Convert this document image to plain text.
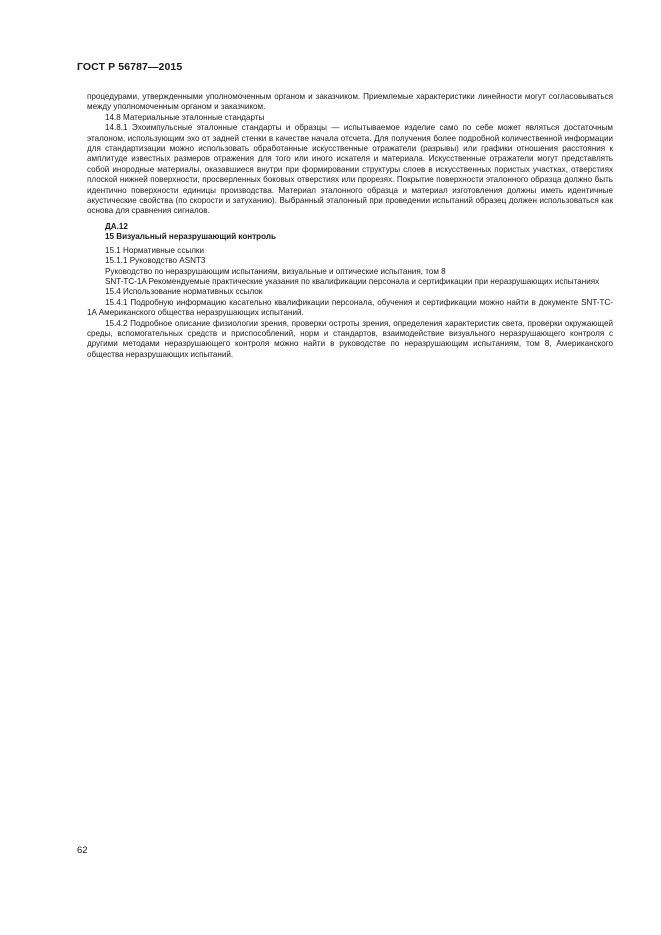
ГОСТ Р 56787—2015

процедурами, утвержденными уполномоченным органом и заказчиком. Приемлемые характеристики линейности могут согласовываться между уполномоченным органом и заказчиком.

14.8 Материальные эталонные стандарты

14.8.1 Эхоимпульсные эталонные стандарты и образцы — испытываемое изделие само по себе может являться достаточным эталоном, использующим эхо от задней стенки в качестве начала отсчета. Для получения более подробной количественной информации для стандартизации можно использовать обработанные искусственные отражатели (разрывы) или графики отношения расстояния к амплитуде известных размеров отражения для того или иного искателя и материала. Искусственные отражатели могут представлять собой инородные материалы, оказавшиеся внутри при формировании структуры слоев в искусственных пористых участках, отверстиях плоской нижней поверхности, просверленных боковых отверстиях или прорезях. Покрытие поверхности эталонного образца должно быть идентично поверхности единицы производства. Материал эталонного образца и материал изготовления должны иметь идентичные акустические свойства (по скорости и затуханию). Выбранный эталонный при проведении испытаний образец должен использоваться как основа для сравнения сигналов.

ДА.12

15 Визуальный неразрушающий контроль

15.1 Нормативные ссылки

15.1.1 Руководство ASNT3

Руководство по неразрушающим испытаниям, визуальные и оптические испытания, том 8

SNT-TC-1A Рекомендуемые практические указания по квалификации персонала и сертификации при неразрушающих испытаниях

15.4 Использование нормативных ссылок

15.4.1 Подробную информацию касательно квалификации персонала, обучения и сертификации можно найти в документе SNT-TC-1A Американского общества неразрушающих испытаний.

15.4.2 Подробное описание физиологии зрения, проверки остроты зрения, определения характеристик света, проверки окружающей среды, вспомогательных средств и приспособлений, норм и стандартов, взаимодействие визуального неразрушающего контроля с другими методами неразрушающего контроля можно найти в руководстве по неразрушающим испытаниям, том 8, Американского общества неразрушающих испытаний.

62
